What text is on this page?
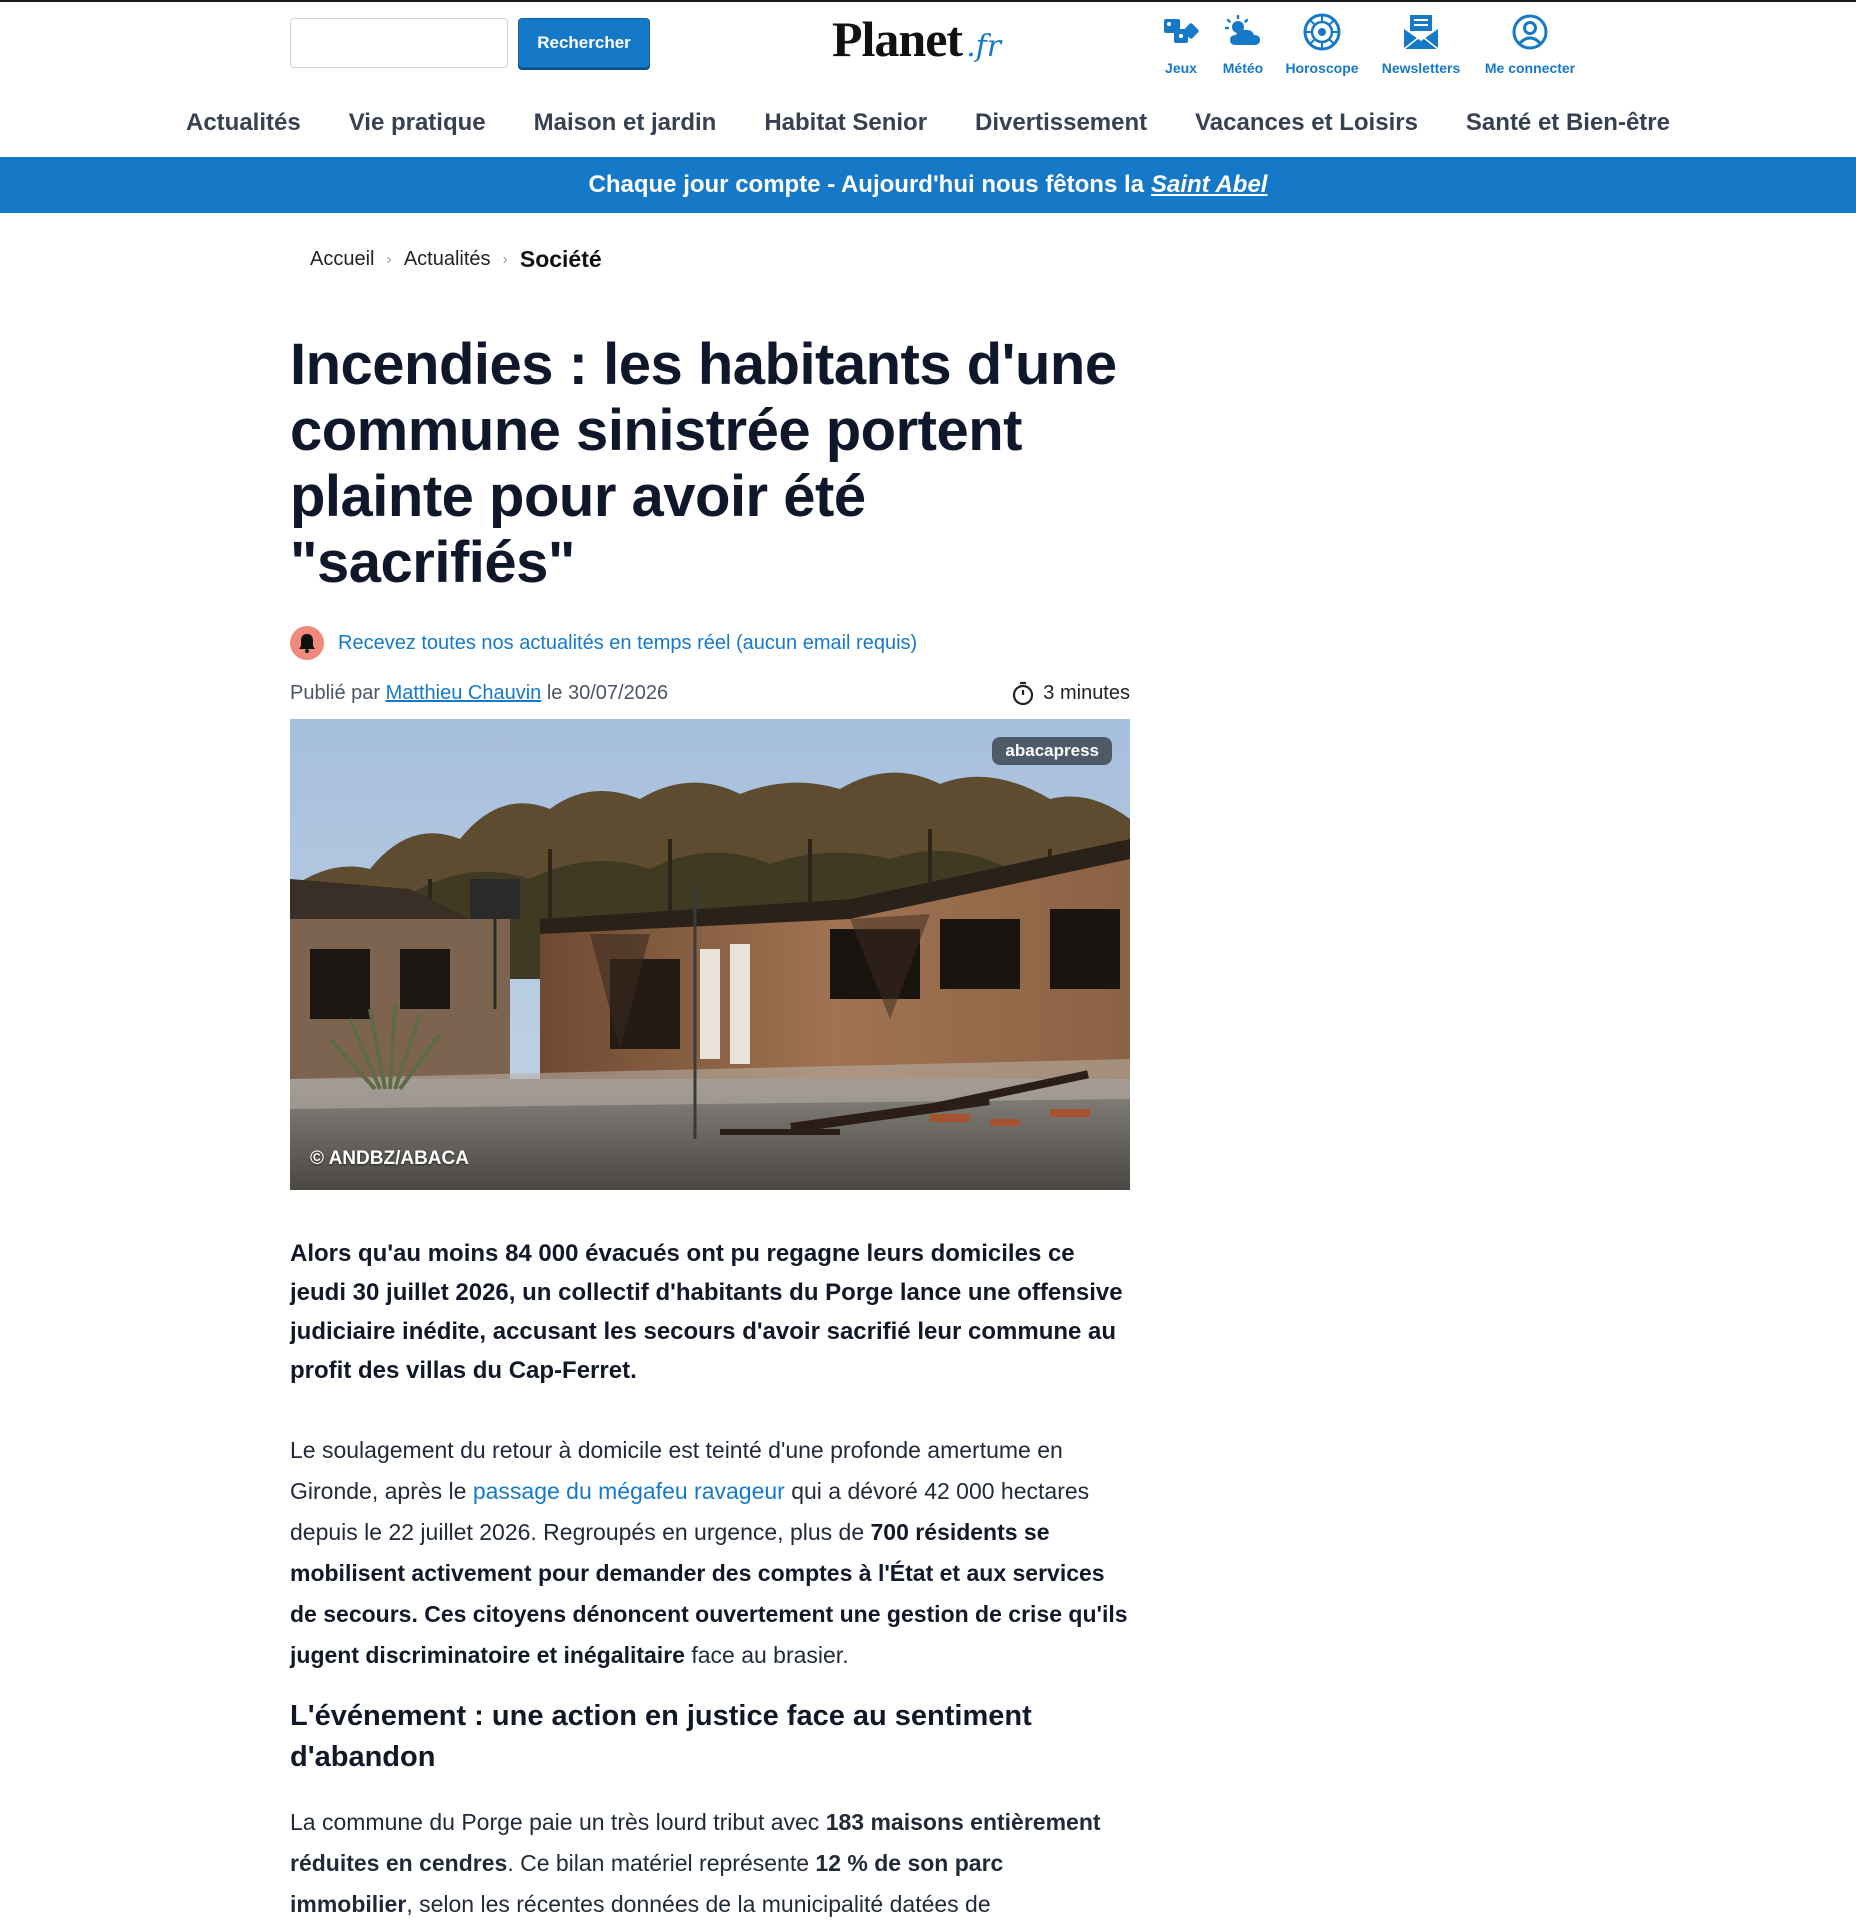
Rechercher	Planet .fr
Jeux Météo Horoscope Newsletters Me connecter
Actualités	Vie pratique	Maison et jardin	Habitat Senior	Divertissement	Vacances et Loisirs	Santé et Bien-être
Chaque jour compte - Aujourd'hui nous fêtons la Saint Abel
Accueil › Actualités › Société
Incendies : les habitants d'une commune sinistrée portent plainte pour avoir été "sacrifiés"
Recevez toutes nos actualités en temps réel (aucun email requis)
Publié par Matthieu Chauvin le 30/07/2026	3 minutes
abacapress
© ANDBZ/ABACA

Alors qu'au moins 84 000 évacués ont pu regagne leurs domiciles ce jeudi 30 juillet 2026, un collectif d'habitants du Porge lance une offensive judiciaire inédite, accusant les secours d'avoir sacrifié leur commune au profit des villas du Cap-Ferret.

Le soulagement du retour à domicile est teinté d'une profonde amertume en Gironde, après le passage du mégafeu ravageur qui a dévoré 42 000 hectares depuis le 22 juillet 2026. Regroupés en urgence, plus de 700 résidents se mobilisent activement pour demander des comptes à l'État et aux services de secours. Ces citoyens dénoncent ouvertement une gestion de crise qu'ils jugent discriminatoire et inégalitaire face au brasier.

L'événement : une action en justice face au sentiment d'abandon

La commune du Porge paie un très lourd tribut avec 183 maisons entièrement réduites en cendres. Ce bilan matériel représente 12 % de son parc immobilier, selon les récentes données de la municipalité datées de
